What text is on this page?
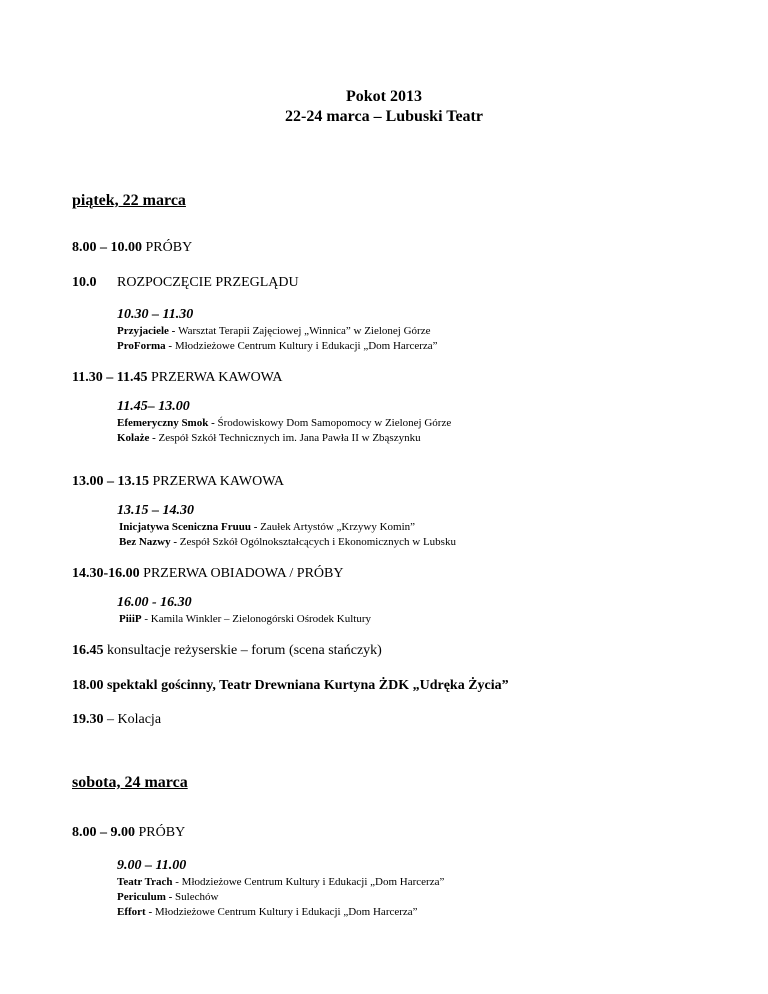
Pokot 2013
22-24 marca – Lubuski Teatr
piątek, 22 marca
8.00 – 10.00 PRÓBY
10.0 ROZPOCZĘCIE PRZEGLĄDU
10.30 – 11.30
Przyjaciele - Warsztat Terapii Zajęciowej „Winnica” w Zielonej Górze
ProForma - Młodzieżowe Centrum Kultury i Edukacji „Dom Harcerza”
11.30 – 11.45 PRZERWA KAWOWA
11.45– 13.00
Efemeryczny Smok - Środowiskowy Dom Samopomocy w Zielonej Górze
Kolaże - Zespół Szkół Technicznych im. Jana Pawła II w Zbąszynku
13.00 – 13.15 PRZERWA KAWOWA
13.15 – 14.30
Inicjatywa Sceniczna Fruuu - Zaułek Artystów „Krzywy Komin”
Bez Nazwy - Zespół Szkół Ogólnokształcących i Ekonomicznych w Lubsku
14.30-16.00 PRZERWA OBIADOWA / PRÓBY
16.00 - 16.30
PiiiP - Kamila Winkler – Zielonogórski Ośrodek Kultury
16.45 konsultacje reżyserskie – forum (scena stańczyk)
18.00 spektakl gościnny, Teatr Drewniana Kurtyna ŻDK „Udręka Życia”
19.30 – Kolacja
sobota, 24 marca
8.00 – 9.00 PRÓBY
9.00 – 11.00
Teatr Trach - Młodzieżowe Centrum Kultury i Edukacji „Dom Harcerza”
Periculum - Sulechów
Effort - Młodzieżowe Centrum Kultury i Edukacji „Dom Harcerza”
